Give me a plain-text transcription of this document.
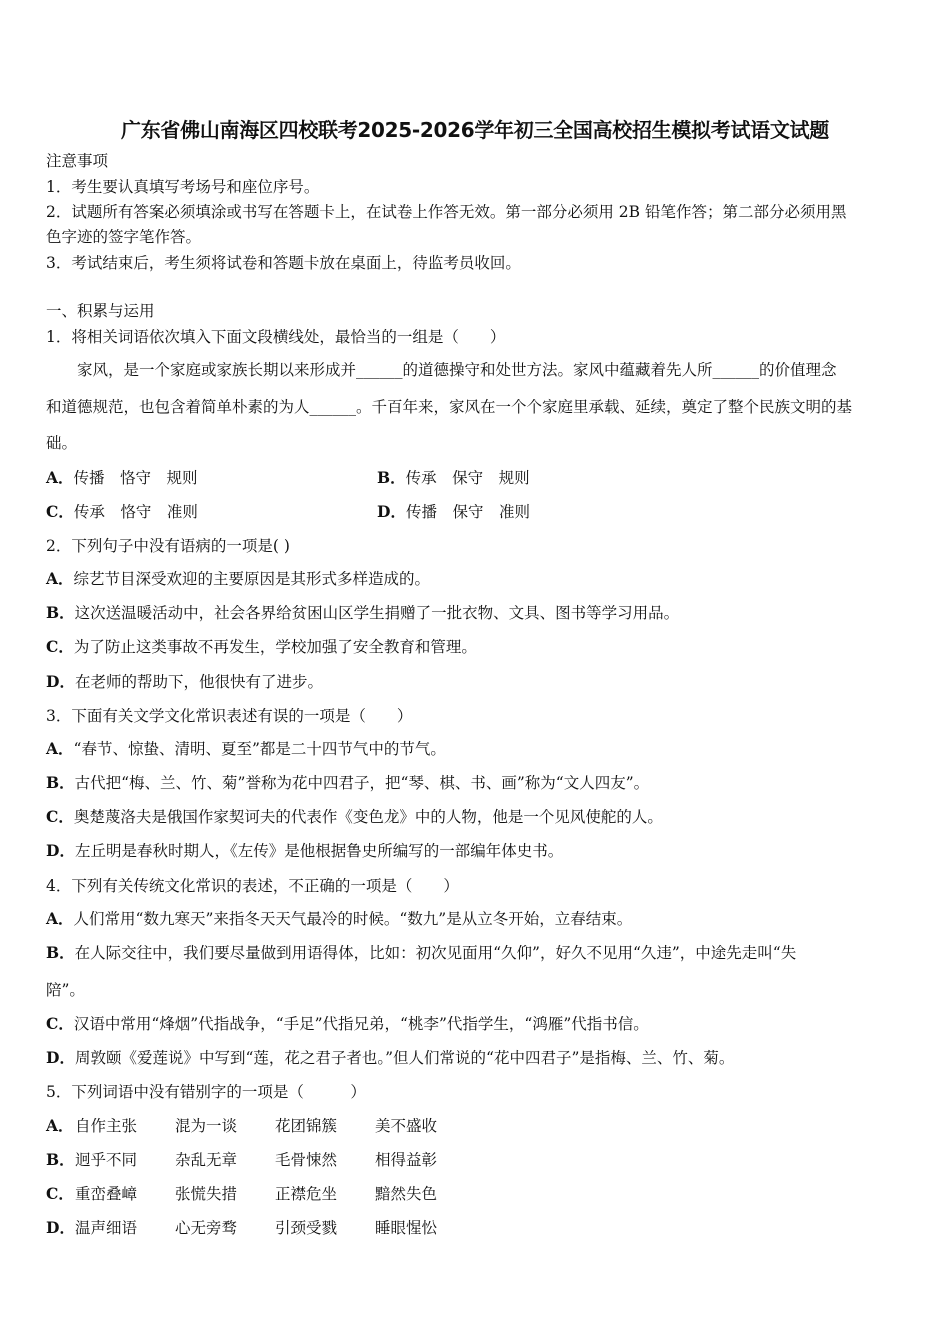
广东省佛山南海区四校联考2025-2026学年初三全国高校招生模拟考试语文试题
注意事项
1．考生要认真填写考场号和座位序号。
2．试题所有答案必须填涂或书写在答题卡上，在试卷上作答无效。第一部分必须用 2B 铅笔作答；第二部分必须用黑
色字迹的签字笔作答。
3．考试结束后，考生须将试卷和答题卡放在桌面上，待监考员收回。
一、积累与运用
1．将相关词语依次填入下面文段横线处，最恰当的一组是（　　）
　　家风，是一个家庭或家族长期以来形成并______的道德操守和处世方法。家风中蕴藏着先人所______的价值理念
和道德规范，也包含着简单朴素的为人______。千百年来，家风在一个个家庭里承载、延续，奠定了整个民族文明的基
础。
A．传播　恪守　规则	B．传承　保守　规则
C．传承　恪守　准则	D．传播　保守　准则
2．下列句子中没有语病的一项是( )
A．综艺节目深受欢迎的主要原因是其形式多样造成的。
B．这次送温暖活动中，社会各界给贫困山区学生捐赠了一批衣物、文具、图书等学习用品。
C．为了防止这类事故不再发生，学校加强了安全教育和管理。
D．在老师的帮助下，他很快有了进步。
3．下面有关文学文化常识表述有误的一项是（　　）
A．“春节、惊蛰、清明、夏至”都是二十四节气中的节气。
B．古代把“梅、兰、竹、菊”誉称为花中四君子，把“琴、棋、书、画”称为“文人四友”。
C．奥楚蔑洛夫是俄国作家契诃夫的代表作《变色龙》中的人物，他是一个见风使舵的人。
D．左丘明是春秋时期人，《左传》是他根据鲁史所编写的一部编年体史书。
4．下列有关传统文化常识的表述，不正确的一项是（　　）
A．人们常用“数九寒天”来指冬天天气最冷的时候。“数九”是从立冬开始，立春结束。
B．在人际交往中，我们要尽量做到用语得体，比如：初次见面用“久仰”，好久不见用“久违”，中途先走叫“失
陪”。
C．汉语中常用“烽烟”代指战争，“手足”代指兄弟，“桃李”代指学生，“鸿雁”代指书信。
D．周敦颐《爱莲说》中写到“莲，花之君子者也。”但人们常说的“花中四君子”是指梅、兰、竹、菊。
5．下列词语中没有错别字的一项是（　　　）
A．自作主张 混为一谈 花团锦簇 美不盛收
B．迥乎不同 杂乱无章 毛骨悚然 相得益彰
C．重峦叠嶂 张慌失措 正襟危坐 黯然失色
D．温声细语 心无旁骛 引颈受戮 睡眼惺忪
